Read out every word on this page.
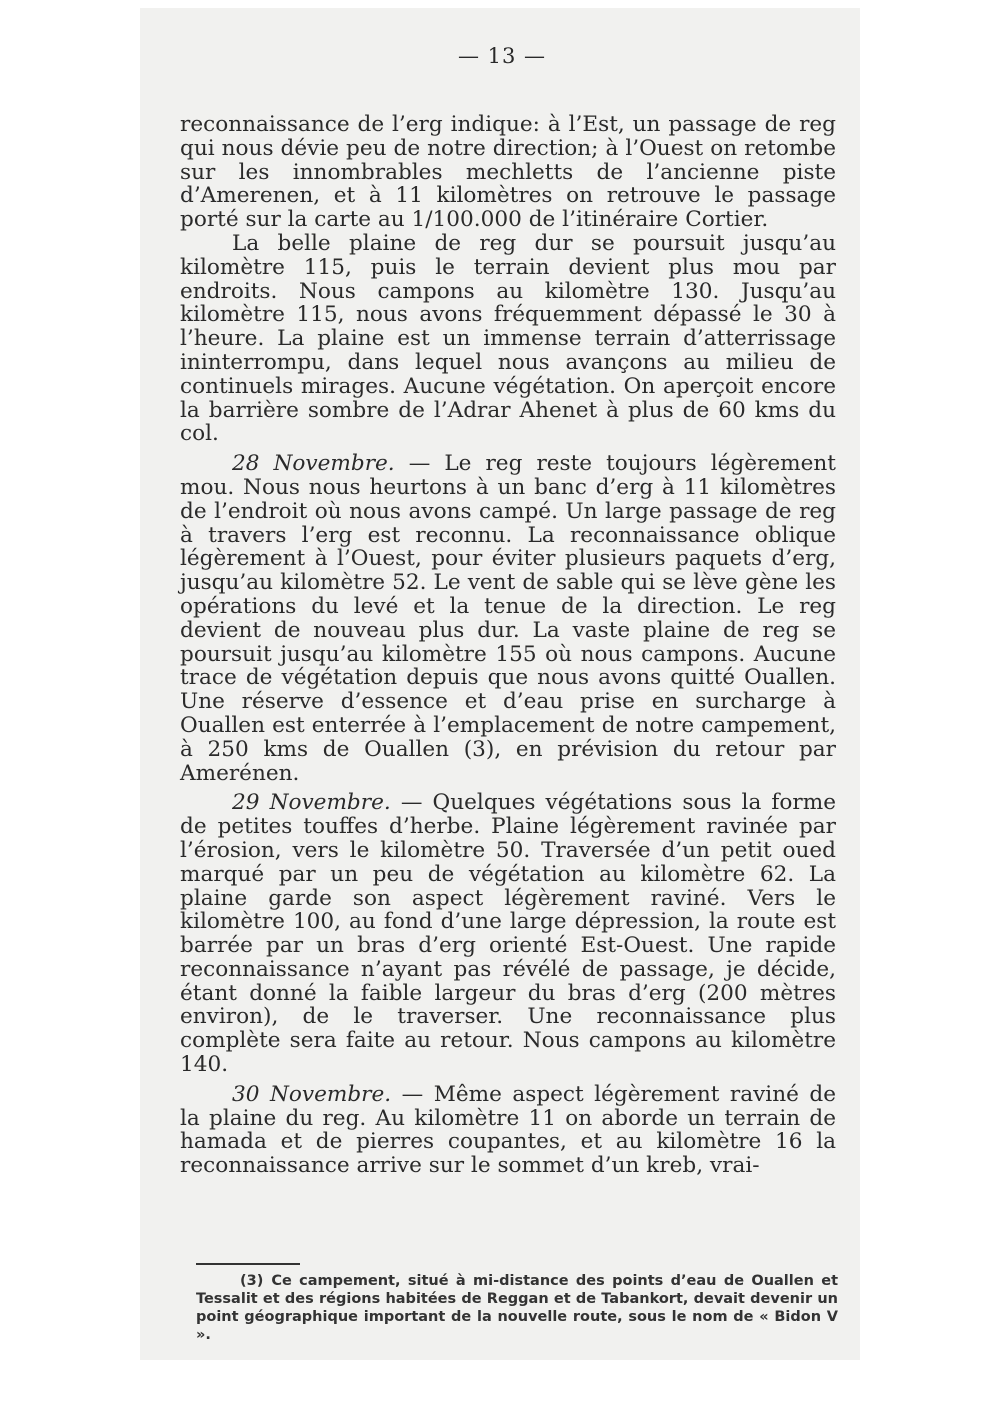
— 13 —

reconnaissance de l’erg indique: à l’Est, un passage de reg qui nous dévie peu de notre direction; à l’Ouest on retombe sur les innombrables mechletts de l’ancienne piste d’Amerenen, et à 11 kilomètres on retrouve le passage porté sur la carte au 1/100.000 de l’itinéraire Cortier.

La belle plaine de reg dur se poursuit jusqu’au kilomètre 115, puis le terrain devient plus mou par endroits. Nous campons au kilomètre 130. Jusqu’au kilomètre 115, nous avons fréquemment dépassé le 30 à l’heure. La plaine est un immense terrain d’atterrissage ininterrompu, dans lequel nous avançons au milieu de continuels mirages. Aucune végétation. On aperçoit encore la barrière sombre de l’Adrar Ahenet à plus de 60 kms du col.

28 Novembre. — Le reg reste toujours légèrement mou. Nous nous heurtons à un banc d’erg à 11 kilomètres de l’endroit où nous avons campé. Un large passage de reg à travers l’erg est reconnu. La reconnaissance oblique légèrement à l’Ouest, pour éviter plusieurs paquets d’erg, jusqu’au kilomètre 52. Le vent de sable qui se lève gène les opérations du levé et la tenue de la direction. Le reg devient de nouveau plus dur. La vaste plaine de reg se poursuit jusqu’au kilomètre 155 où nous campons. Aucune trace de végétation depuis que nous avons quitté Ouallen. Une réserve d’essence et d’eau prise en surcharge à Ouallen est enterrée à l’emplacement de notre campement, à 250 kms de Ouallen (3), en prévision du retour par Amerénen.

29 Novembre. — Quelques végétations sous la forme de petites touffes d’herbe. Plaine légèrement ravinée par l’érosion, vers le kilomètre 50. Traversée d’un petit oued marqué par un peu de végétation au kilomètre 62. La plaine garde son aspect légèrement raviné. Vers le kilomètre 100, au fond d’une large dépression, la route est barrée par un bras d’erg orienté Est-Ouest. Une rapide reconnaissance n’ayant pas révélé de passage, je décide, étant donné la faible largeur du bras d’erg (200 mètres environ), de le traverser. Une reconnaissance plus complète sera faite au retour. Nous campons au kilomètre 140.

30 Novembre. — Même aspect légèrement raviné de la plaine du reg. Au kilomètre 11 on aborde un terrain de hamada et de pierres coupantes, et au kilomètre 16 la reconnaissance arrive sur le sommet d’un kreb, vrai-

(3) Ce campement, situé à mi-distance des points d’eau de Ouallen et Tessalit et des régions habitées de Reggan et de Tabankort, devait devenir un point géographique important de la nouvelle route, sous le nom de « Bidon V ».
